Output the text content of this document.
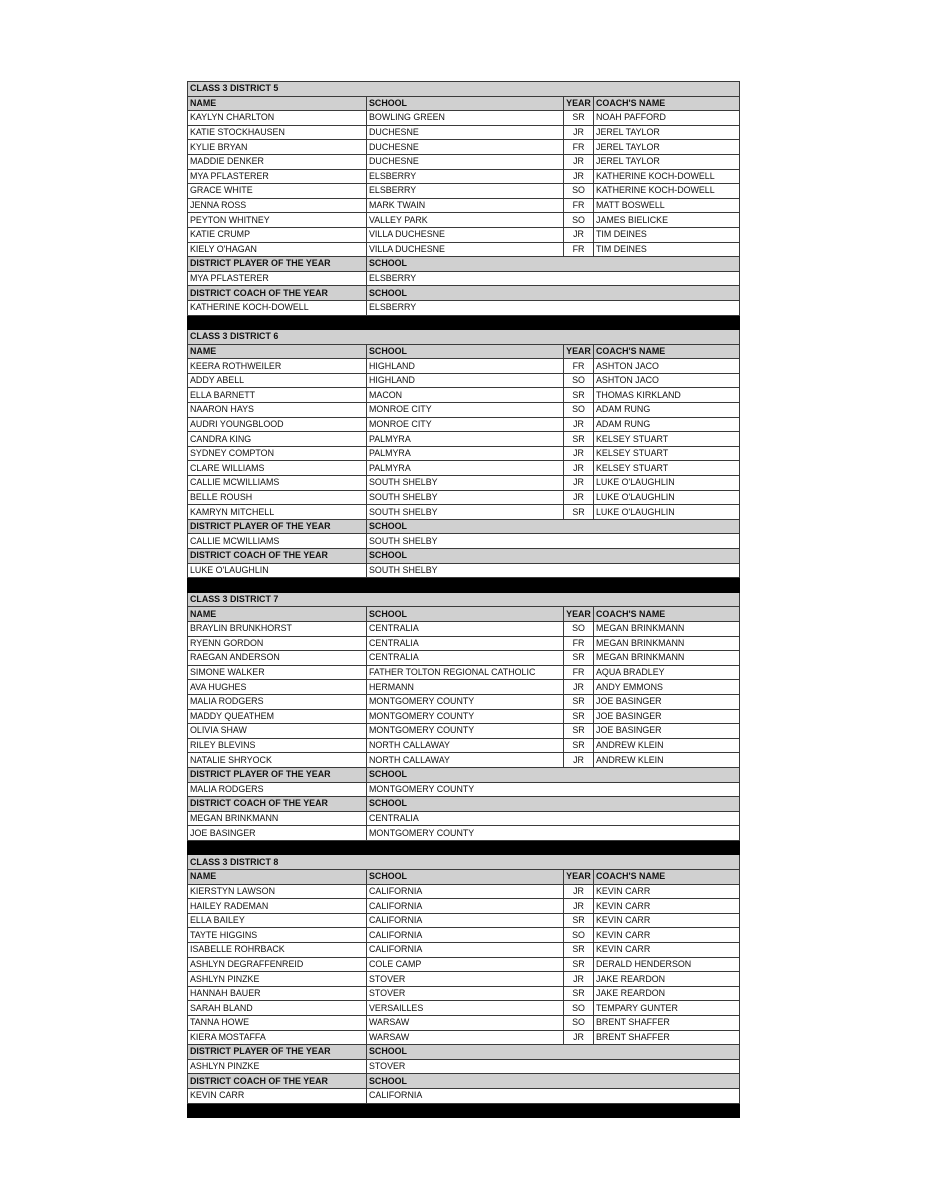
CLASS 3 DISTRICT 5			
NAME	SCHOOL	YEAR	COACH'S NAME
KAYLYN CHARLTON	BOWLING GREEN	SR	NOAH PAFFORD
KATIE STOCKHAUSEN	DUCHESNE	JR	JEREL TAYLOR
KYLIE BRYAN	DUCHESNE	FR	JEREL TAYLOR
MADDIE DENKER	DUCHESNE	JR	JEREL TAYLOR
MYA PFLASTERER	ELSBERRY	JR	KATHERINE KOCH-DOWELL
GRACE WHITE	ELSBERRY	SO	KATHERINE KOCH-DOWELL
JENNA ROSS	MARK TWAIN	FR	MATT BOSWELL
PEYTON WHITNEY	VALLEY PARK	SO	JAMES BIELICKE
KATIE CRUMP	VILLA DUCHESNE	JR	TIM DEINES
KIELY O'HAGAN	VILLA DUCHESNE	FR	TIM DEINES
DISTRICT PLAYER OF THE YEAR	SCHOOL		
MYA PFLASTERER	ELSBERRY		
DISTRICT COACH OF THE YEAR	SCHOOL		
KATHERINE KOCH-DOWELL	ELSBERRY		

CLASS 3 DISTRICT 6			
NAME	SCHOOL	YEAR	COACH'S NAME
KEERA ROTHWEILER	HIGHLAND	FR	ASHTON JACO
ADDY ABELL	HIGHLAND	SO	ASHTON JACO
ELLA BARNETT	MACON	SR	THOMAS KIRKLAND
NAARON HAYS	MONROE CITY	SO	ADAM RUNG
AUDRI YOUNGBLOOD	MONROE CITY	JR	ADAM RUNG
CANDRA KING	PALMYRA	SR	KELSEY STUART
SYDNEY COMPTON	PALMYRA	JR	KELSEY STUART
CLARE WILLIAMS	PALMYRA	JR	KELSEY STUART
CALLIE MCWILLIAMS	SOUTH SHELBY	JR	LUKE O'LAUGHLIN
BELLE ROUSH	SOUTH SHELBY	JR	LUKE O'LAUGHLIN
KAMRYN MITCHELL	SOUTH SHELBY	SR	LUKE O'LAUGHLIN
DISTRICT PLAYER OF THE YEAR	SCHOOL		
CALLIE MCWILLIAMS	SOUTH SHELBY		
DISTRICT COACH OF THE YEAR	SCHOOL		
LUKE O'LAUGHLIN	SOUTH SHELBY		

CLASS 3 DISTRICT 7			
NAME	SCHOOL	YEAR	COACH'S NAME
BRAYLIN BRUNKHORST	CENTRALIA	SO	MEGAN BRINKMANN
RYENN GORDON	CENTRALIA	FR	MEGAN BRINKMANN
RAEGAN ANDERSON	CENTRALIA	SR	MEGAN BRINKMANN
SIMONE WALKER	FATHER TOLTON REGIONAL CATHOLIC	FR	AQUA BRADLEY
AVA HUGHES	HERMANN	JR	ANDY EMMONS
MALIA RODGERS	MONTGOMERY COUNTY	SR	JOE BASINGER
MADDY QUEATHEM	MONTGOMERY COUNTY	SR	JOE BASINGER
OLIVIA SHAW	MONTGOMERY COUNTY	SR	JOE BASINGER
RILEY BLEVINS	NORTH CALLAWAY	SR	ANDREW KLEIN
NATALIE SHRYOCK	NORTH CALLAWAY	JR	ANDREW KLEIN
DISTRICT PLAYER OF THE YEAR	SCHOOL		
MALIA RODGERS	MONTGOMERY COUNTY		
DISTRICT COACH OF THE YEAR	SCHOOL		
MEGAN BRINKMANN	CENTRALIA		
JOE BASINGER	MONTGOMERY COUNTY		

CLASS 3 DISTRICT 8			
NAME	SCHOOL	YEAR	COACH'S NAME
KIERSTYN LAWSON	CALIFORNIA	JR	KEVIN CARR
HAILEY RADEMAN	CALIFORNIA	JR	KEVIN CARR
ELLA BAILEY	CALIFORNIA	SR	KEVIN CARR
TAYTE HIGGINS	CALIFORNIA	SO	KEVIN CARR
ISABELLE ROHRBACK	CALIFORNIA	SR	KEVIN CARR
ASHLYN DEGRAFFENREID	COLE CAMP	SR	DERALD HENDERSON
ASHLYN PINZKE	STOVER	JR	JAKE REARDON
HANNAH BAUER	STOVER	SR	JAKE REARDON
SARAH BLAND	VERSAILLES	SO	TEMPARY GUNTER
TANNA HOWE	WARSAW	SO	BRENT SHAFFER
KIERA MOSTAFFA	WARSAW	JR	BRENT SHAFFER
DISTRICT PLAYER OF THE YEAR	SCHOOL		
ASHLYN PINZKE	STOVER		
DISTRICT COACH OF THE YEAR	SCHOOL		
KEVIN CARR	CALIFORNIA		
